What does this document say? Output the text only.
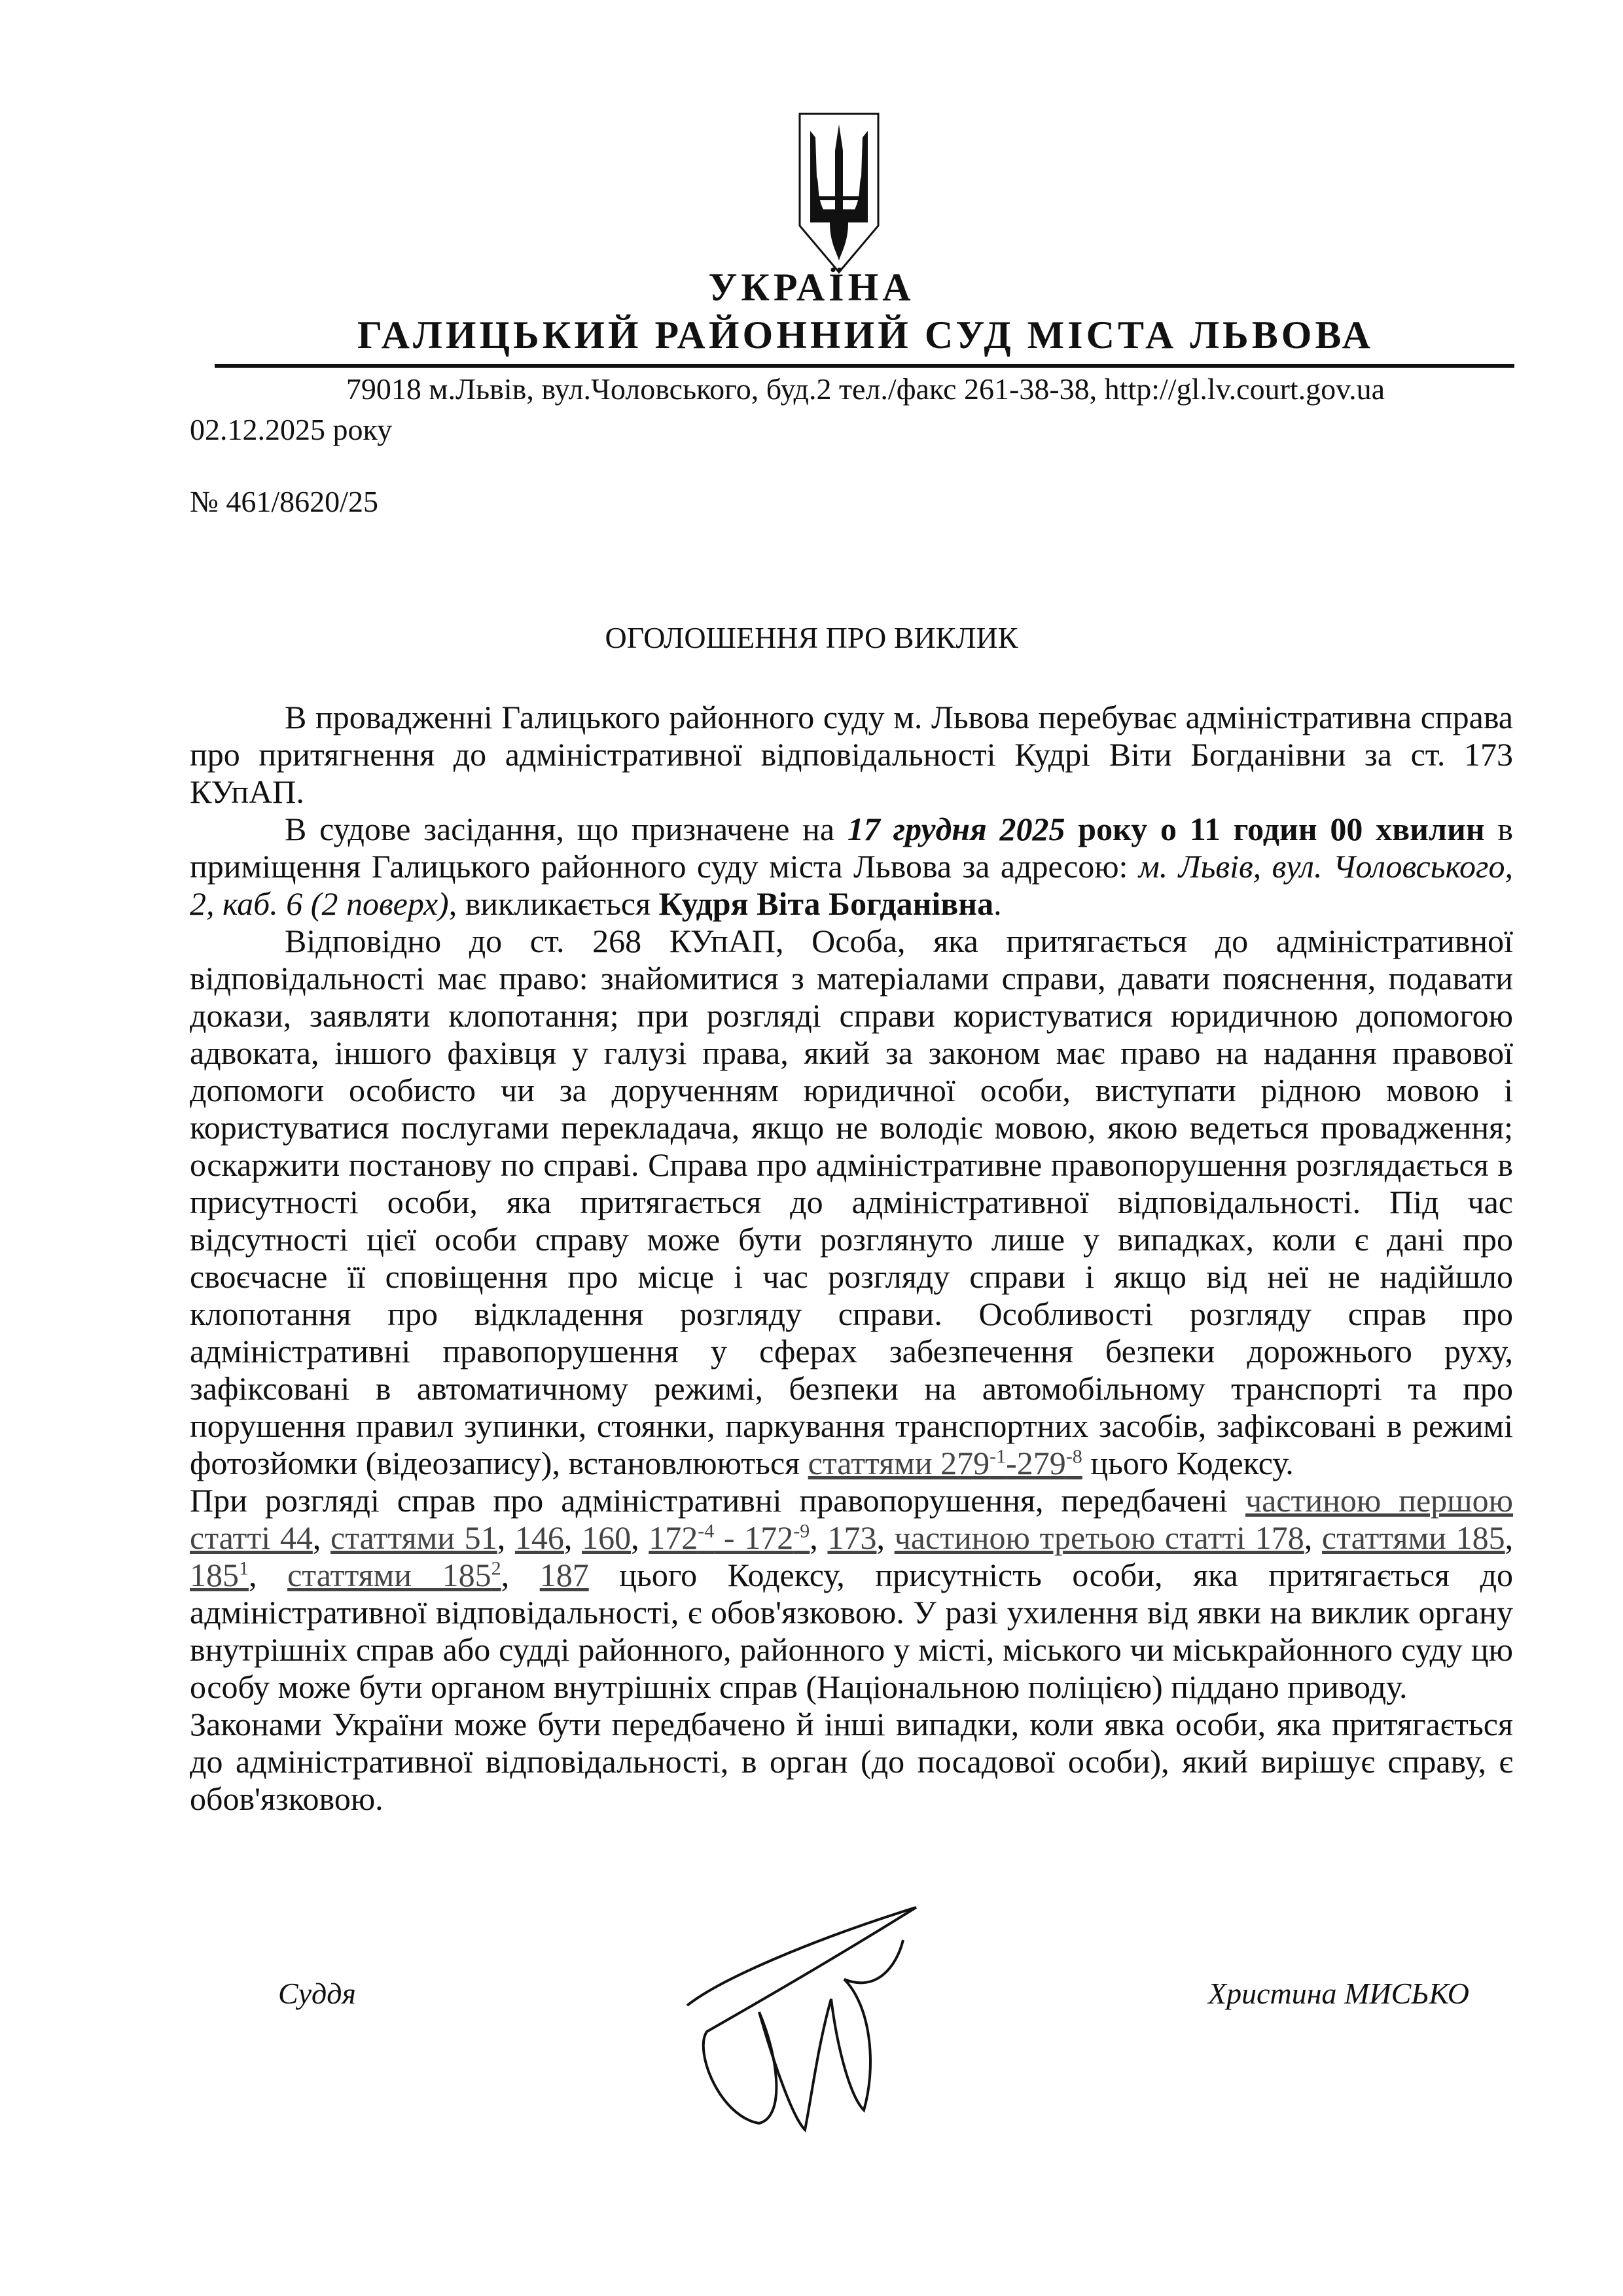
УКРАЇНА
ГАЛИЦЬКИЙ РАЙОННИЙ СУД МІСТА ЛЬВОВА
79018 м.Львів, вул.Чоловського, буд.2 тел./факс 261-38-38, http://gl.lv.court.gov.ua
02.12.2025 року
№ 461/8620/25
ОГОЛОШЕННЯ ПРО ВИКЛИК

В провадженні Галицького районного суду м. Львова перебуває адміністративна справа про притягнення до адміністративної відповідальності Кудрі Віти Богданівни за ст. 173 КУпАП.

В судове засідання, що призначене на 17 грудня 2025 року о 11 годин 00 хвилин в приміщення Галицького районного суду міста Львова за адресою: м. Львів, вул. Чоловського, 2, каб. 6 (2 поверх), викликається Кудря Віта Богданівна.

Відповідно до ст. 268 КУпАП, Особа, яка притягається до адміністративної відповідальності має право: знайомитися з матеріалами справи, давати пояснення, подавати докази, заявляти клопотання; при розгляді справи користуватися юридичною допомогою адвоката, іншого фахівця у галузі права, який за законом має право на надання правової допомоги особисто чи за дорученням юридичної особи, виступати рідною мовою і користуватися послугами перекладача, якщо не володіє мовою, якою ведеться провадження; оскаржити постанову по справі. Справа про адміністративне правопорушення розглядається в присутності особи, яка притягається до адміністративної відповідальності. Під час відсутності цієї особи справу може бути розглянуто лише у випадках, коли є дані про своєчасне її сповіщення про місце і час розгляду справи і якщо від неї не надійшло клопотання про відкладення розгляду справи. Особливості розгляду справ про адміністративні правопорушення у сферах забезпечення безпеки дорожнього руху, зафіксовані в автоматичному режимі, безпеки на автомобільному транспорті та про порушення правил зупинки, стоянки, паркування транспортних засобів, зафіксовані в режимі фотозйомки (відеозапису), встановлюються статтями $279^{-1}-279^{-8}$ цього Кодексу.

При розгляді справ про адміністративні правопорушення, передбачені частиною першою статті 44, статтями 51, 146, 160, $172^{-4} - 172^{-9}$, 173, частиною третьою статті 178, статтями 185, $185^1$, статтями $185^2$, 187 цього Кодексу, присутність особи, яка притягається до адміністративної відповідальності, є обов'язковою. У разі ухилення від явки на виклик органу внутрішніх справ або судді районного, районного у місті, міського чи міськрайонного суду цю особу може бути органом внутрішніх справ (Національною поліцією) піддано приводу.

Законами України може бути передбачено й інші випадки, коли явка особи, яка притягається до адміністративної відповідальності, в орган (до посадової особи), який вирішує справу, є обов'язковою.

Суддя	Христина МИСЬКО
